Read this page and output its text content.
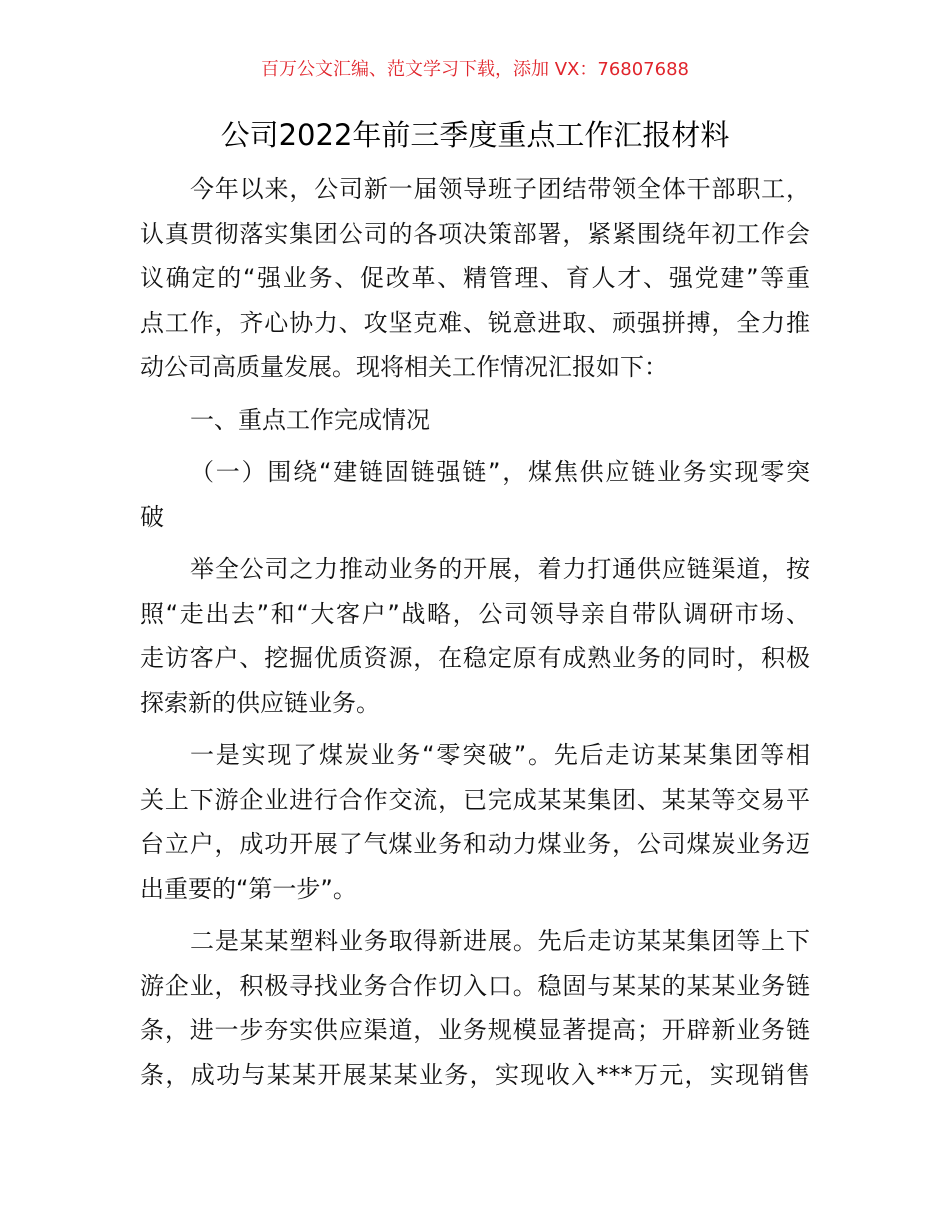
百万公文汇编、范文学习下载，添加 VX：76807688
公司2022年前三季度重点工作汇报材料
今年以来，公司新一届领导班子团结带领全体干部职工，
认真贯彻落实集团公司的各项决策部署，紧紧围绕年初工作会
议确定的“强业务、促改革、精管理、育人才、强党建”等重
点工作，齐心协力、攻坚克难、锐意进取、顽强拼搏，全力推
动公司高质量发展。现将相关工作情况汇报如下：
一、重点工作完成情况
（一）围绕“建链固链强链”，煤焦供应链业务实现零突
破
举全公司之力推动业务的开展，着力打通供应链渠道，按
照“走出去”和“大客户”战略，公司领导亲自带队调研市场、
走访客户、挖掘优质资源，在稳定原有成熟业务的同时，积极
探索新的供应链业务。
一是实现了煤炭业务“零突破”。先后走访某某集团等相
关上下游企业进行合作交流，已完成某某集团、某某等交易平
台立户，成功开展了气煤业务和动力煤业务，公司煤炭业务迈
出重要的“第一步”。
二是某某塑料业务取得新进展。先后走访某某集团等上下
游企业，积极寻找业务合作切入口。稳固与某某的某某业务链
条，进一步夯实供应渠道，业务规模显著提高；开辟新业务链
条，成功与某某开展某某业务，实现收入***万元，实现销售
